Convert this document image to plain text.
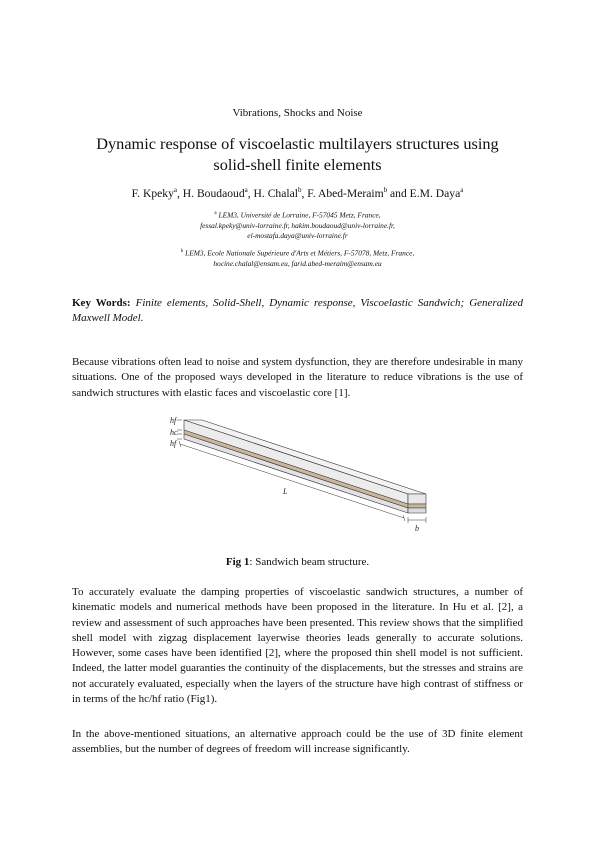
Vibrations, Shocks and Noise
Dynamic response of viscoelastic multilayers structures using
solid-shell finite elements
F. Kpeky$^a$, H. Boudaoud$^a$, H. Chalal$^b$, F. Abed-Meraim$^b$ and E.M. Daya$^a$
$^a$ LEM3, Université de Lorraine, F-57045 Metz, France,
fessal.kpeky@univ-lorraine.fr, hakim.boudaoud@univ-lorraine.fr,
el-mostafa.daya@univ-lorraine.fr
$^b$ LEM3, Ecole Nationale Supérieure d'Arts et Métiers, F-57078, Metz, France,
hocine.chalal@ensam.eu, farid.abed-meraim@ensam.eu
Key Words: Finite elements, Solid-Shell, Dynamic response, Viscoelastic Sandwich; Generalized Maxwell Model.
Because vibrations often lead to noise and system dysfunction, they are therefore undesirable in many situations. One of the proposed ways developed in the literature to reduce vibrations is the use of sandwich structures with elastic faces and viscoelastic core [1].
hf
hc
hf
L
b
Fig 1: Sandwich beam structure.
To accurately evaluate the damping properties of viscoelastic sandwich structures, a number of kinematic models and numerical methods have been proposed in the literature. In Hu et al. [2], a review and assessment of such approaches have been presented. This review shows that the simplified shell model with zigzag displacement layerwise theories leads generally to accurate solutions. However, some cases have been identified [2], where the proposed thin shell model is not sufficient. Indeed, the latter model guaranties the continuity of the displacements, but the stresses and strains are not accurately evaluated, especially when the layers of the structure have high contrast of stiffness or in terms of the hc/hf ratio (Fig1).
In the above-mentioned situations, an alternative approach could be the use of 3D finite element assemblies, but the number of degrees of freedom will increase significantly.
